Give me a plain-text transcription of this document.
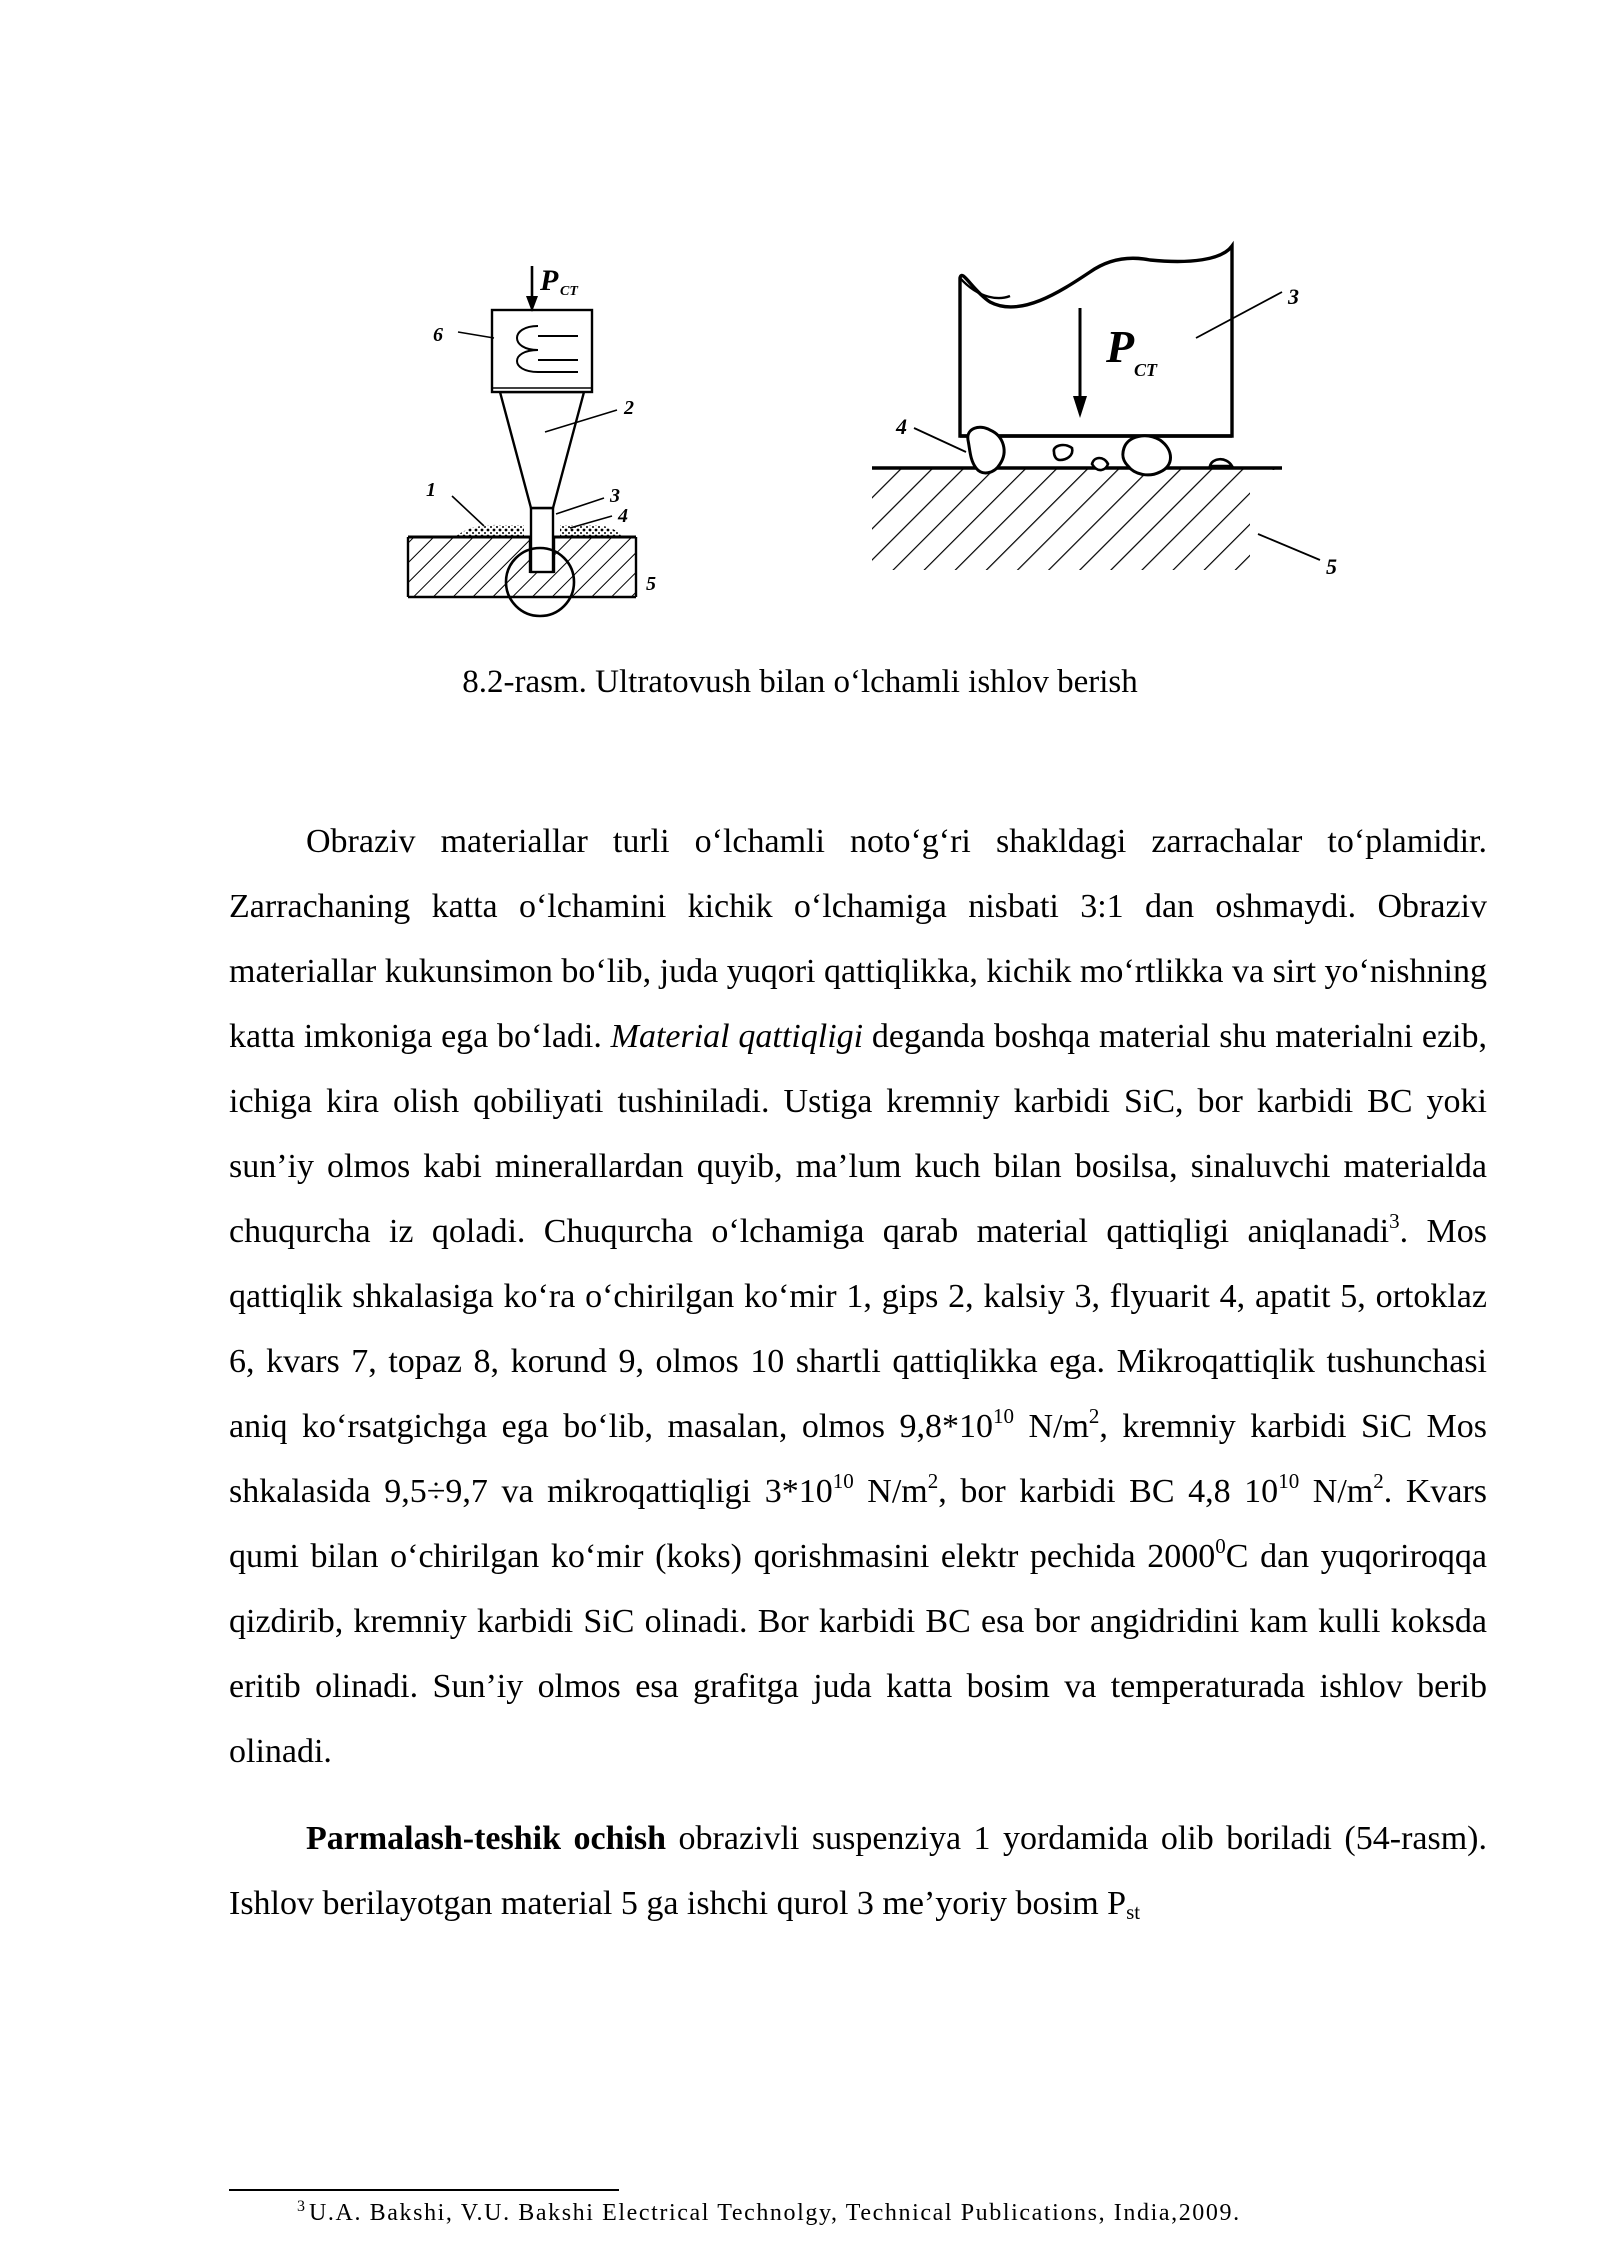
P CT
6
2
1	3
4
5
P CT
3
4
5
8.2-rasm. Ultratovush bilan o‘lchamli ishlov berish

Obraziv materiallar turli o‘lchamli noto‘g‘ri shakldagi zarrachalar to‘plamidir. Zarrachaning katta o‘lchamini kichik o‘lchamiga nisbati 3:1 dan oshmaydi. Obraziv materiallar kukunsimon bo‘lib, juda yuqori qattiqlikka, kichik mo‘rtlikka va sirt yo‘nishning katta imkoniga ega bo‘ladi. Material qattiqligi deganda boshqa material shu materialni ezib, ichiga kira olish qobiliyati tushiniladi. Ustiga kremniy karbidi SiC, bor karbidi BC yoki sun’iy olmos kabi minerallardan quyib, ma’lum kuch bilan bosilsa, sinaluvchi materialda chuqurcha iz qoladi. Chuqurcha o‘lchamiga qarab material qattiqligi aniqlanadi$^3$. Mos qattiqlik shkalasiga ko‘ra o‘chirilgan ko‘mir 1, gips 2, kalsiy 3, flyuarit 4, apatit 5, ortoklaz 6, kvars 7, topaz 8, korund 9, olmos 10 shartli qattiqlikka ega. Mikroqattiqlik tushunchasi aniq ko‘rsatgichga ega bo‘lib, masalan, olmos $9,8*10^{10}$ $N/m^2$, kremniy karbidi SiC Mos shkalasida 9,5÷9,7 va mikroqattiqligi $3*10^{10}$ $N/m^2$, bor karbidi BC 4,8 $10^{10}$ $N/m^2$. Kvars qumi bilan o‘chirilgan ko‘mir (koks) qorishmasini elektr pechida 2000$^0$C dan yuqoriroqqa qizdirib, kremniy karbidi SiC olinadi. Bor karbidi BC esa bor angidridini kam kulli koksda eritib olinadi. Sun’iy olmos esa grafitga juda katta bosim va temperaturada ishlov berib olinadi.

Parmalash-teshik ochish obrazivli suspenziya 1 yordamida olib boriladi (54-rasm). Ishlov berilayotgan material 5 ga ishchi qurol 3 me’yoriy bosim $P_{st}$

$^3$ U.A. Bakshi, V.U. Bakshi Electrical Technolgy, Technical Publications, India,2009.
